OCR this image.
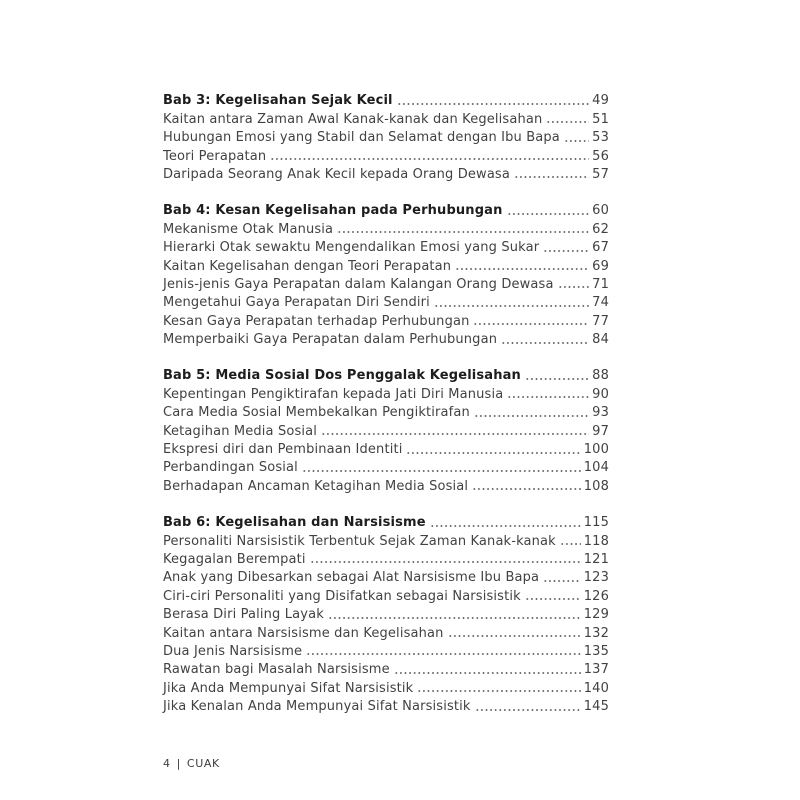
Bab 3: Kegelisahan Sejak Kecil	49
Kaitan antara Zaman Awal Kanak-kanak dan Kegelisahan	51
Hubungan Emosi yang Stabil dan Selamat dengan Ibu Bapa 53
Teori Perapatan	56
Daripada Seorang Anak Kecil kepada Orang Dewasa	57
Bab 4: Kesan Kegelisahan pada Perhubungan	60
Mekanisme Otak Manusia	62
Hierarki Otak sewaktu Mengendalikan Emosi yang Sukar	67
Kaitan Kegelisahan dengan Teori Perapatan	69
Jenis-jenis Gaya Perapatan dalam Kalangan Orang Dewasa	71
Mengetahui Gaya Perapatan Diri Sendiri	74
Kesan Gaya Perapatan terhadap Perhubungan	77
Memperbaiki Gaya Perapatan dalam Perhubungan	84
Bab 5: Media Sosial Dos Penggalak Kegelisahan	88
Kepentingan Pengiktirafan kepada Jati Diri Manusia	90
Cara Media Sosial Membekalkan Pengiktirafan	93
Ketagihan Media Sosial	97
Ekspresi diri dan Pembinaan Identiti	100
Perbandingan Sosial	104
Berhadapan Ancaman Ketagihan Media Sosial	108
Bab 6: Kegelisahan dan Narsisisme	115
Personaliti Narsisistik Terbentuk Sejak Zaman Kanak-kanak 118
Kegagalan Berempati	121
Anak yang Dibesarkan sebagai Alat Narsisisme Ibu Bapa	123
Ciri-ciri Personaliti yang Disifatkan sebagai Narsisistik	126
Berasa Diri Paling Layak	129
Kaitan antara Narsisisme dan Kegelisahan	132
Dua Jenis Narsisisme	135
Rawatan bagi Masalah Narsisisme	137
Jika Anda Mempunyai Sifat Narsisistik	140
Jika Kenalan Anda Mempunyai Sifat Narsisistik	145
4 | CUAK
